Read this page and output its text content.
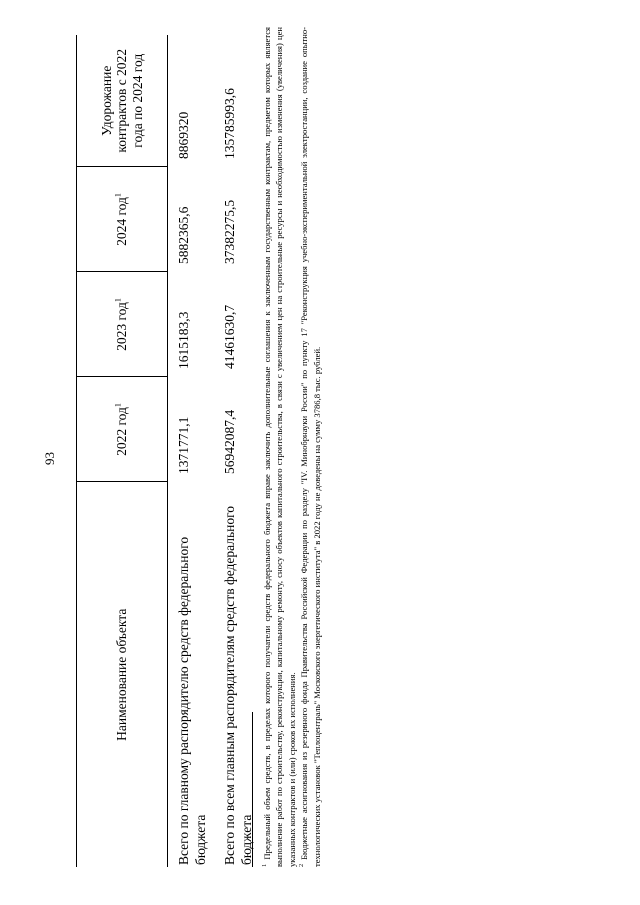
93
Наименование объекта	2022 год$^1$	2023 год$^1$	2024 год$^1$	Удорожание контрактов с 2022 года по 2024 год
Всего по главному распорядителю средств федерального бюджета	1371771,1	1615183,3	5882365,6	8869320
Всего по всем главным распорядителям средств федерального бюджета	56942087,4	41461630,7	37382275,5	135785993,6

$^1$ Предельный объем средств, в пределах которого получатели средств федерального бюджета вправе заключить дополнительные соглашения к заключенным государственным контрактам, предметом которых является выполнение работ по строительству, реконструкции, капитальному ремонту, сносу объектов капитального строительства, в связи с увеличением цен на строительные ресурсы и необходимостью изменения (увеличения) цен указанных контрактов и (или) сроков их исполнения. $^2$ Бюджетные ассигнования из резервного фонда Правительства Российской Федерации по разделу "IV. Минобрнауки России" по пункту 17 "Реконструкция учебно-экспериментальной электростанции, создание опытно-технологических установок "Теплоцентраль" Московского энергетического института" в 2022 году не доведены на сумму 3786,8 тыс. рублей.
